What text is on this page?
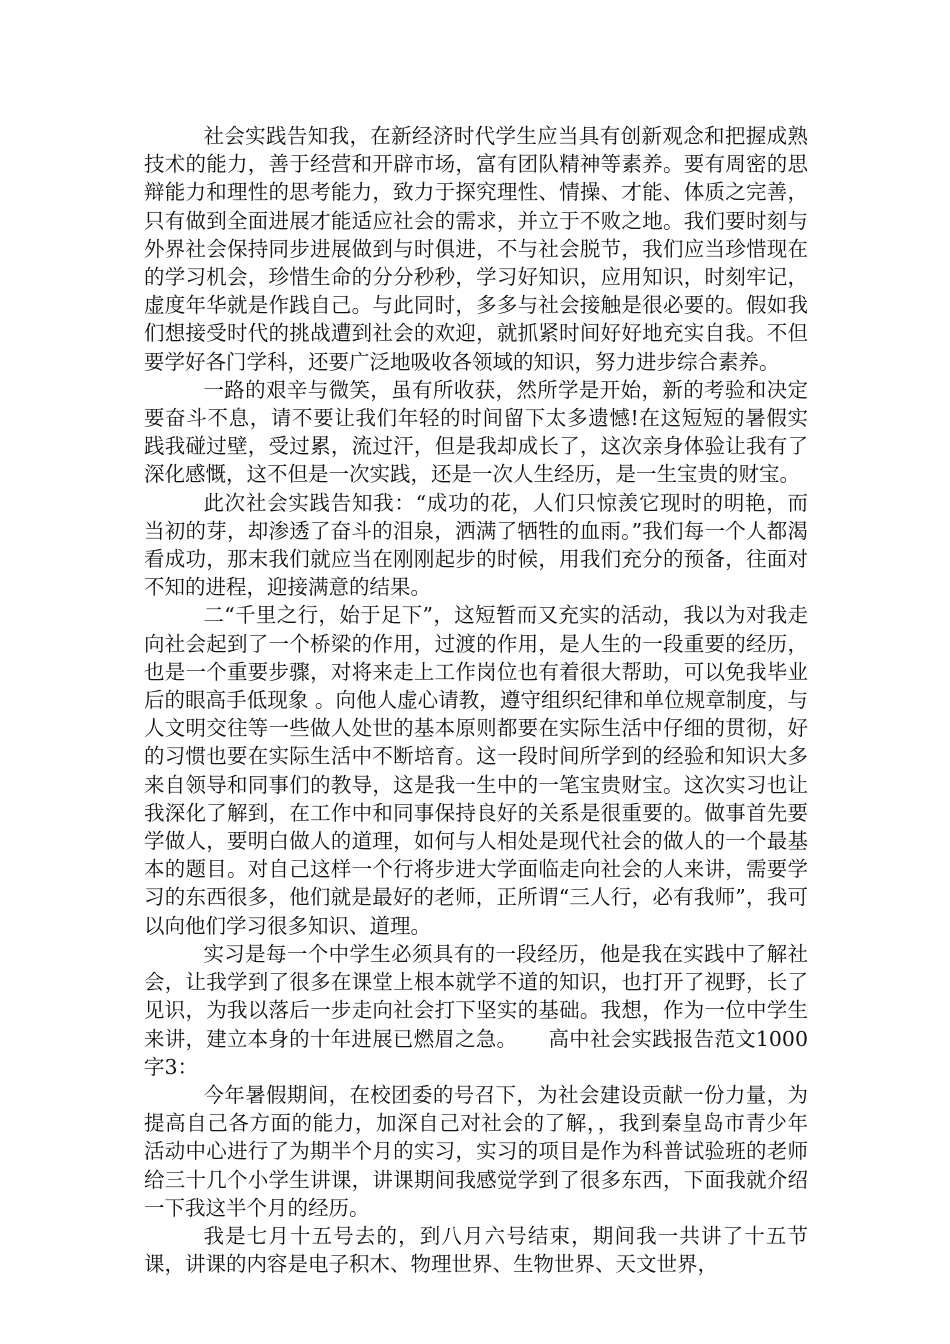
社会实践告知我，在新经济时代学生应当具有创新观念和把握成熟技术的能力，善于经营和开辟市场，富有团队精神等素养。要有周密的思辩能力和理性的思考能力，致力于探究理性、情操、才能、体质之完善，只有做到全面进展才能适应社会的需求，并立于不败之地。我们要时刻与外界社会保持同步进展做到与时俱进，不与社会脱节，我们应当珍惜现在的学习机会，珍惜生命的分分秒秒，学习好知识，应用知识，时刻牢记，虚度年华就是作践自己。与此同时，多多与社会接触是很必要的。假如我们想接受时代的挑战遭到社会的欢迎，就抓紧时间好好地充实自我。不但要学好各门学科，还要广泛地吸收各领域的知识，努力进步综合素养。

一路的艰辛与微笑，虽有所收获，然所学是开始，新的考验和决定要奋斗不息，请不要让我们年轻的时间留下太多遗憾!在这短短的暑假实践我碰过壁，受过累，流过汗，但是我却成长了，这次亲身体验让我有了深化感慨，这不但是一次实践，还是一次人生经历，是一生宝贵的财宝。

此次社会实践告知我：“成功的花，人们只惊羡它现时的明艳，而当初的芽，却渗透了奋斗的泪泉，洒满了牺牲的血雨。”我们每一个人都渴看成功，那末我们就应当在刚刚起步的时候，用我们充分的预备，往面对不知的进程，迎接满意的结果。

二“千里之行，始于足下”，这短暂而又充实的活动，我以为对我走向社会起到了一个桥梁的作用，过渡的作用，是人生的一段重要的经历，也是一个重要步骤，对将来走上工作岗位也有着很大帮助，可以免我毕业后的眼高手低现象 。向他人虚心请教，遵守组织纪律和单位规章制度，与人文明交往等一些做人处世的基本原则都要在实际生活中仔细的贯彻，好的习惯也要在实际生活中不断培育。这一段时间所学到的经验和知识大多来自领导和同事们的教导，这是我一生中的一笔宝贵财宝。这次实习也让我深化了解到，在工作中和同事保持良好的关系是很重要的。做事首先要学做人，要明白做人的道理，如何与人相处是现代社会的做人的一个最基本的题目。对自己这样一个行将步进大学面临走向社会的人来讲，需要学习的东西很多，他们就是最好的老师，正所谓“三人行，必有我师”，我可以向他们学习很多知识、道理。

实习是每一个中学生必须具有的一段经历，他是我在实践中了解社会，让我学到了很多在课堂上根本就学不道的知识，也打开了视野，长了见识，为我以落后一步走向社会打下坚实的基础。我想，作为一位中学生来讲，建立本身的十年进展已燃眉之急。　　高中社会实践报告范文1000字3：

今年暑假期间，在校团委的号召下，为社会建设贡献一份力量，为提高自己各方面的能力，加深自己对社会的了解，，我到秦皇岛市青少年活动中心进行了为期半个月的实习，实习的项目是作为科普试验班的老师给三十几个小学生讲课，讲课期间我感觉学到了很多东西，下面我就介绍一下我这半个月的经历。

我是七月十五号去的，到八月六号结束，期间我一共讲了十五节课，讲课的内容是电子积木、物理世界、生物世界、天文世界，
